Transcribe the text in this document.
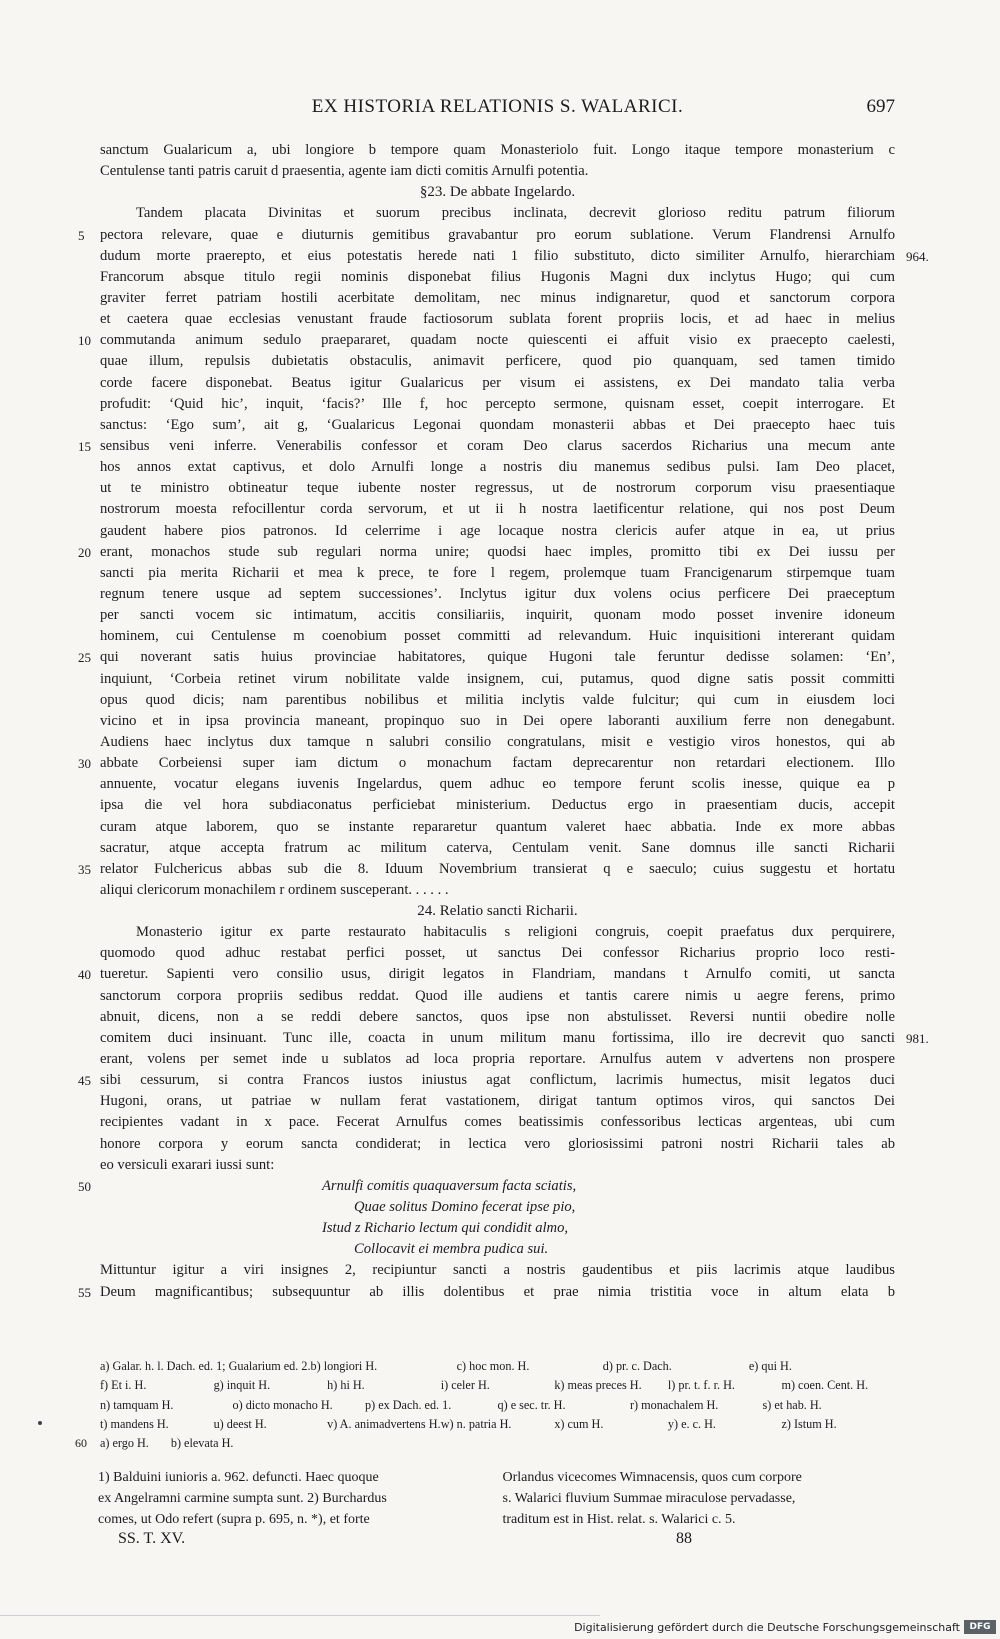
EX HISTORIA RELATIONIS S. WALARICI.	697
sanctum Gualaricum a, ubi longiore b tempore quam Monasteriolo fuit. Longo itaque tempore monasterium c
Centulense tanti patris caruit d praesentia, agente iam dicti comitis Arnulfi potentia.
§23. De abbate Ingelardo.
Tandem placata Divinitas et suorum precibus inclinata, decrevit glorioso reditu patrum filiorum
5	pectora relevare, quae e diuturnis gemitibus gravabantur pro eorum sublatione. Verum Flandrensi Arnulfo
dudum morte praerepto, et eius potestatis herede nati 1 filio substituto, dicto similiter Arnulfo, hierarchiam 964.
Francorum absque titulo regii nominis disponebat filius Hugonis Magni dux inclytus Hugo; qui cum
graviter ferret patriam hostili acerbitate demolitam, nec minus indignaretur, quod et sanctorum corpora
et caetera quae ecclesias venustant fraude factiosorum sublata forent propriis locis, et ad haec in melius
10 commutanda animum sedulo praepararet, quadam nocte quiescenti ei affuit visio ex praecepto caelesti,
quae illum, repulsis dubietatis obstaculis, animavit perficere, quod pio quanquam, sed tamen timido
corde facere disponebat. Beatus igitur Gualaricus per visum ei assistens, ex Dei mandato talia verba
profudit: ‘Quid hic’, inquit, ‘facis?’ Ille f, hoc percepto sermone, quisnam esset, coepit interrogare. Et
sanctus: ‘Ego sum’, ait g, ‘Gualaricus Legonai quondam monasterii abbas et Dei praecepto haec tuis
15 sensibus veni inferre. Venerabilis confessor et coram Deo clarus sacerdos Richarius una mecum ante
hos annos extat captivus, et dolo Arnulfi longe a nostris diu manemus sedibus pulsi. Iam Deo placet,
ut te ministro obtineatur teque iubente noster regressus, ut de nostrorum corporum visu praesentiaque
nostrorum moesta refocillentur corda servorum, et ut ii h nostra laetificentur relatione, qui nos post Deum
gaudent habere pios patronos. Id celerrime i age locaque nostra clericis aufer atque in ea, ut prius
20 erant, monachos stude sub regulari norma unire; quodsi haec imples, promitto tibi ex Dei iussu per
sancti pia merita Richarii et mea k prece, te fore l regem, prolemque tuam Francigenarum stirpemque tuam
regnum tenere usque ad septem successiones’. Inclytus igitur dux volens ocius perficere Dei praeceptum
per sancti vocem sic intimatum, accitis consiliariis, inquirit, quonam modo posset invenire idoneum
hominem, cui Centulense m coenobium posset committi ad relevandum. Huic inquisitioni intererant quidam
25 qui noverant satis huius provinciae habitatores, quique Hugoni tale feruntur dedisse solamen: ‘En’,
inquiunt, ‘Corbeia retinet virum nobilitate valde insignem, cui, putamus, quod digne satis possit committi
opus quod dicis; nam parentibus nobilibus et militia inclytis valde fulcitur; qui cum in eiusdem loci
vicino et in ipsa provincia maneant, propinquo suo in Dei opere laboranti auxilium ferre non denegabunt.
Audiens haec inclytus dux tamque n salubri consilio congratulans, misit e vestigio viros honestos, qui ab
30 abbate Corbeiensi super iam dictum o monachum factam deprecarentur non retardari electionem. Illo
annuente, vocatur elegans iuvenis Ingelardus, quem adhuc eo tempore ferunt scolis inesse, quique ea p
ipsa die vel hora subdiaconatus perficiebat ministerium. Deductus ergo in praesentiam ducis, accepit
curam atque laborem, quo se instante repararetur quantum valeret haec abbatia. Inde ex more abbas
sacratur, atque accepta fratrum ac militum caterva, Centulam venit. Sane domnus ille sancti Richarii
35 relator Fulchericus abbas sub die 8. Iduum Novembrium transierat q e saeculo; cuius suggestu et hortatu
aliqui clericorum monachilem r ordinem susceperant. . . . . .
24. Relatio sancti Richarii.
Monasterio igitur ex parte restaurato habitaculis s religioni congruis, coepit praefatus dux perquirere,
quomodo quod adhuc restabat perfici posset, ut sanctus Dei confessor Richarius proprio loco resti-
40 tueretur. Sapienti vero consilio usus, dirigit legatos in Flandriam, mandans t Arnulfo comiti, ut sancta
sanctorum corpora propriis sedibus reddat. Quod ille audiens et tantis carere nimis u aegre ferens, primo
abnuit, dicens, non a se reddi debere sanctos, quos ipse non abstulisset. Reversi nuntii obedire nolle
comitem duci insinuant. Tunc ille, coacta in unum militum manu fortissima, illo ire decrevit quo sancti 981.
erant, volens per semet inde u sublatos ad loca propria reportare. Arnulfus autem v advertens non prospere
45 sibi cessurum, si contra Francos iustos iniustus agat conflictum, lacrimis humectus, misit legatos duci
Hugoni, orans, ut patriae w nullam ferat vastationem, dirigat tantum optimos viros, qui sanctos Dei
recipientes vadant in x pace. Fecerat Arnulfus comes beatissimis confessoribus lecticas argenteas, ubi cum
honore corpora y eorum sancta condiderat; in lectica vero gloriosissimi patroni nostri Richarii tales ab
eo versiculi exarari iussi sunt:
50	Arnulfi comitis quaquaversum facta sciatis,
Quae solitus Domino fecerat ipse pio,
Istud z Richario lectum qui condidit almo,
Collocavit ei membra pudica sui.
Mittuntur igitur a viri insignes 2, recipiuntur sancti a nostris gaudentibus et piis lacrimis atque laudibus
55 Deum magnificantibus; subsequuntur ab illis dolentibus et prae nimia tristitia voce in altum elata b
a) Galar. h. l. Dach. ed. 1; Gualarium ed. 2. b) longiori H.	c) hoc mon. H.	d) pr. c. Dach.	e) qui H.
f) Et i. H.	g) inquit H.	h) hi H.	i) celer H.	k) meas preces H.	l) pr. t. f. r. H.	m) coen. Cent. H.
n) tamquam H.	o) dicto monacho H.	p) ex Dach. ed. 1.	q) e sec. tr. H.	r) monachalem H.	s) et hab. H.
t) mandens H.	u) deest H.	v) A. animadvertens H. w) n. patria H.	x) cum H.	y) e. c. H.	z) Istum H.
60	a) ergo H. b) elevata H.
1) Balduini iunioris a. 962. defuncti. Haec quoque
ex Angelramni carmine sumpta sunt. 2) Burchardus
comes, ut Odo refert (supra p. 695, n. *), et forte
Orlandus vicecomes Wimnacensis, quos cum corpore
s. Walarici fluvium Summae miraculose pervadasse,
traditum est in Hist. relat. s. Walarici c. 5.
SS. T. XV.	88
Digitalisierung gefördert durch die Deutsche Forschungsgemeinschaft	DFG
